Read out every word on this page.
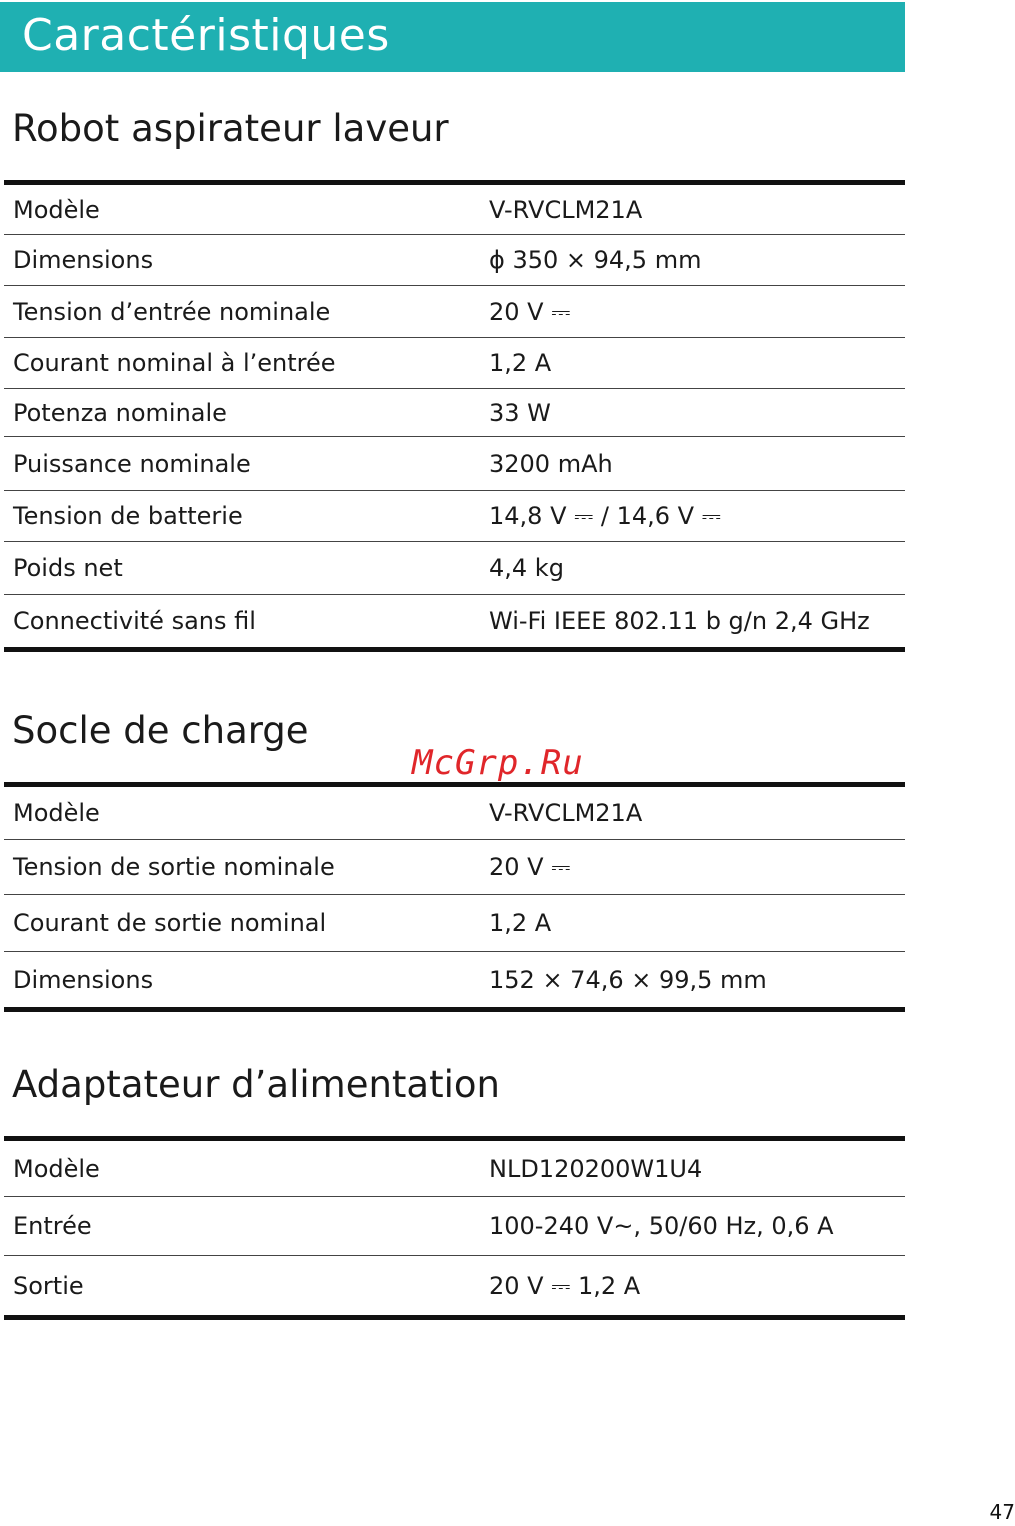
Caractéristiques
Robot aspirateur laveur
Modèle	V-RVCLM21A
Dimensions	ϕ 350 × 94,5 mm
Tension d’entrée nominale	20 V ⎓
Courant nominal à l’entrée	1,2 A
Potenza nominale	33 W
Puissance nominale	3200 mAh
Tension de batterie	14,8 V ⎓ / 14,6 V ⎓
Poids net	4,4 kg
Connectivité sans fil	Wi-Fi IEEE 802.11 b g/n 2,4 GHz
Socle de charge
Modèle	V-RVCLM21A
Tension de sortie nominale	20 V ⎓
Courant de sortie nominal	1,2 A
Dimensions	152 × 74,6 × 99,5 mm
Adaptateur d’alimentation
Modèle	NLD120200W1U4
Entrée	100-240 V~, 50/60 Hz, 0,6 A
Sortie	20 V ⎓ 1,2 A
McGrp.Ru
47
